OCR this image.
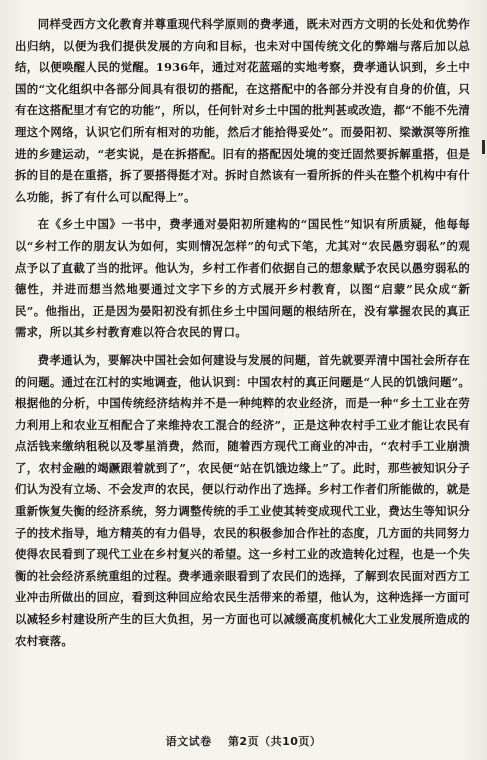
同样受西方文化教育并尊重现代科学原则的费孝通，既未对西方文明的长处和优势作出归纳，以便为我们提供发展的方向和目标，也未对中国传统文化的弊端与落后加以总结，以便唤醒人民的觉醒。1936年，通过对花蓝瑶的实地考察，费孝通认识到，乡土中国的“文化组织中各部分间具有很切的搭配，在这搭配中的各部分并没有自身的价值，只有在这搭配里才有它的功能”，所以，任何针对乡土中国的批判甚或改造，都“不能不先清理这个网络，认识它们所有相对的功能，然后才能拾得妥处”。而晏阳初、梁漱溟等所推进的乡建运动，“老实说，是在拆搭配。旧有的搭配因处境的变迁固然要拆解重搭，但是拆的目的是在重搭，拆了要搭得挺才对。拆时自然该有一看所拆的件头在整个机构中有什么功能，拆了有什么可以配得上”。

在《乡土中国》一书中，费孝通对晏阳初所建构的“国民性”知识有所质疑，他每每以“乡村工作的朋友认为如何，实则情况怎样”的句式下笔，尤其对“农民愚穷弱私”的观点予以了直截了当的批评。他认为，乡村工作者们依据自己的想象赋予农民以愚穷弱私的德性，并进而想当然地要通过文字下乡的方式展开乡村教育，以图“启蒙”民众成“新民”。他指出，正是因为晏阳初没有抓住乡土中国问题的根结所在，没有掌握农民的真正需求，所以其乡村教育难以符合农民的胃口。

费孝通认为，要解决中国社会如何建设与发展的问题，首先就要弄清中国社会所存在的问题。通过在江村的实地调查，他认识到：中国农村的真正问题是“人民的饥饿问题”。根据他的分析，中国传统经济结构并不是一种纯粹的农业经济，而是一种“乡土工业在劳力利用上和农业互相配合了来维持农工混合的经济”，正是这种农村手工业才能让农民有点活钱来缴纳租税以及零星消费，然而，随着西方现代工商业的冲击，“农村手工业崩溃了，农村金融的竭蹶跟着就到了”，农民便“站在饥饿边缘上”了。此时，那些被知识分子们认为没有立场、不会发声的农民，便以行动作出了选择。乡村工作者们所能做的，就是重新恢复失衡的经济系统，努力调整传统的手工业使其转变成现代工业，费达生等知识分子的技术指导，地方精英的有力倡导，农民的积极参加合作社的态度，几方面的共同努力使得农民看到了现代工业在乡村复兴的希望。这一乡村工业的改造转化过程，也是一个失衡的社会经济系统重组的过程。费孝通亲眼看到了农民们的选择，了解到农民面对西方工业冲击所做出的回应，看到这种回应给农民生活带来的希望，他认为，这种选择一方面可以减轻乡村建设所产生的巨大负担，另一方面也可以减缓高度机械化大工业发展所造成的农村衰落。

语文试卷 第2页（共10页）
